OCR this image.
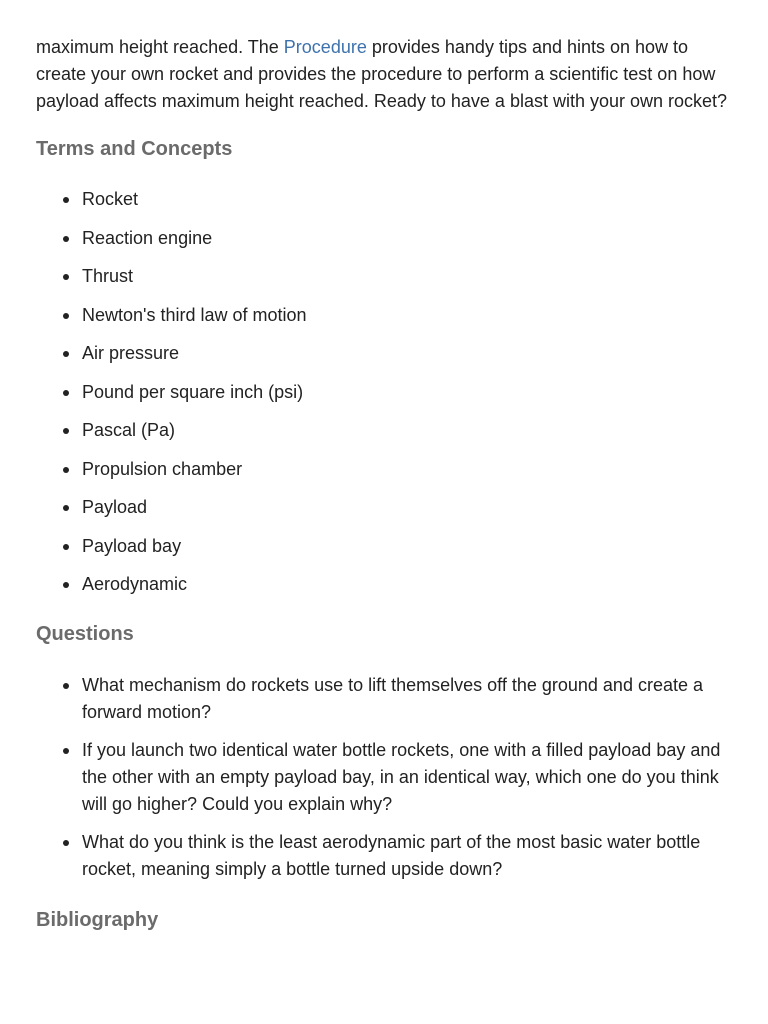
maximum height reached. The Procedure provides handy tips and hints on how to create your own rocket and provides the procedure to perform a scientific test on how payload affects maximum height reached. Ready to have a blast with your own rocket?

Terms and Concepts
Rocket
Reaction engine
Thrust
Newton's third law of motion
Air pressure
Pound per square inch (psi)
Pascal (Pa)
Propulsion chamber
Payload
Payload bay
Aerodynamic
Questions
What mechanism do rockets use to lift themselves off the ground and create a forward motion?
If you launch two identical water bottle rockets, one with a filled payload bay and the other with an empty payload bay, in an identical way, which one do you think will go higher? Could you explain why?
What do you think is the least aerodynamic part of the most basic water bottle rocket, meaning simply a bottle turned upside down?
Bibliography
